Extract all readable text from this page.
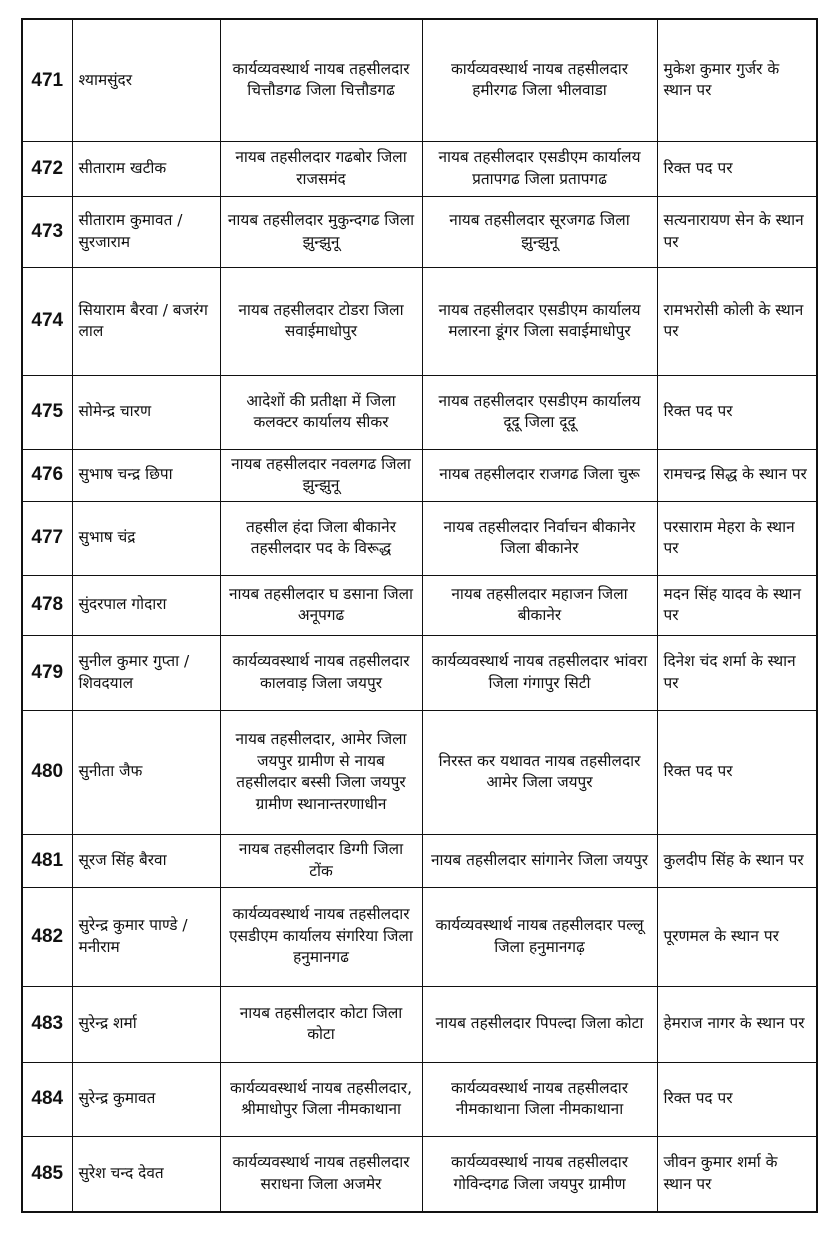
471	श्यामसुंदर	कार्यव्यवस्थार्थ नायब तहसीलदार चित्तौडगढ जिला चित्तौडगढ	कार्यव्यवस्थार्थ नायब तहसीलदार हमीरगढ जिला भीलवाडा	मुकेश कुमार गुर्जर के स्थान पर
472	सीताराम खटीक	नायब तहसीलदार गढबोर जिला राजसमंद	नायब तहसीलदार एसडीएम कार्यालय प्रतापगढ जिला प्रतापगढ	रिक्त पद पर
473	सीताराम कुमावत / सुरजाराम	नायब तहसीलदार मुकुन्दगढ जिला झुन्झुनू	नायब तहसीलदार सूरजगढ जिला झुन्झुनू	सत्यनारायण सेन के स्थान पर
474	सियाराम बैरवा / बजरंग लाल	नायब तहसीलदार टोडरा जिला सवाईमाधोपुर	नायब तहसीलदार एसडीएम कार्यालय मलारना डूंगर जिला सवाईमाधोपुर	रामभरोसी कोली के स्थान पर
475	सोमेन्द्र चारण	आदेशों की प्रतीक्षा में जिला कलक्टर कार्यालय सीकर	नायब तहसीलदार एसडीएम कार्यालय दूदू जिला दूदू	रिक्त पद पर
476	सुभाष चन्द्र छिपा	नायब तहसीलदार नवलगढ जिला झुन्झुनू	नायब तहसीलदार राजगढ जिला चुरू	रामचन्द्र सिद्ध के स्थान पर
477	सुभाष चंद्र	तहसील हंदा जिला बीकानेर तहसीलदार पद के विरूद्ध	नायब तहसीलदार निर्वाचन बीकानेर जिला बीकानेर	परसाराम मेहरा के स्थान पर
478	सुंदरपाल गोदारा	नायब तहसीलदार घ डसाना जिला अनूपगढ	नायब तहसीलदार महाजन जिला बीकानेर	मदन सिंह यादव के स्थान पर
479	सुनील कुमार गुप्ता / शिवदयाल	कार्यव्यवस्थार्थ नायब तहसीलदार कालवाड़ जिला जयपुर	कार्यव्यवस्थार्थ नायब तहसीलदार भांवरा जिला गंगापुर सिटी	दिनेश चंद शर्मा के स्थान पर
480	सुनीता जैफ	नायब तहसीलदार, आमेर जिला जयपुर ग्रामीण से नायब तहसीलदार बस्सी जिला जयपुर ग्रामीण स्थानान्तरणाधीन	निरस्त कर यथावत नायब तहसीलदार आमेर जिला जयपुर	रिक्त पद पर
481	सूरज सिंह बैरवा	नायब तहसीलदार डिग्गी जिला टोंक	नायब तहसीलदार सांगानेर जिला जयपुर	कुलदीप सिंह के स्थान पर
482	सुरेन्द्र कुमार पाण्डे / मनीराम	कार्यव्यवस्थार्थ नायब तहसीलदार एसडीएम कार्यालय संगरिया जिला हनुमानगढ	कार्यव्यवस्थार्थ नायब तहसीलदार पल्लू जिला हनुमानगढ़	पूरणमल के स्थान पर
483	सुरेन्द्र शर्मा	नायब तहसीलदार कोटा जिला कोटा	नायब तहसीलदार पिपल्दा जिला कोटा	हेमराज नागर के स्थान पर
484	सुरेन्द्र कुमावत	कार्यव्यवस्थार्थ नायब तहसीलदार, श्रीमाधोपुर जिला नीमकाथाना	कार्यव्यवस्थार्थ नायब तहसीलदार नीमकाथाना जिला नीमकाथाना	रिक्त पद पर
485	सुरेश चन्द देवत	कार्यव्यवस्थार्थ नायब तहसीलदार सराधना जिला अजमेर	कार्यव्यवस्थार्थ नायब तहसीलदार गोविन्दगढ जिला जयपुर ग्रामीण	जीवन कुमार शर्मा के स्थान पर
